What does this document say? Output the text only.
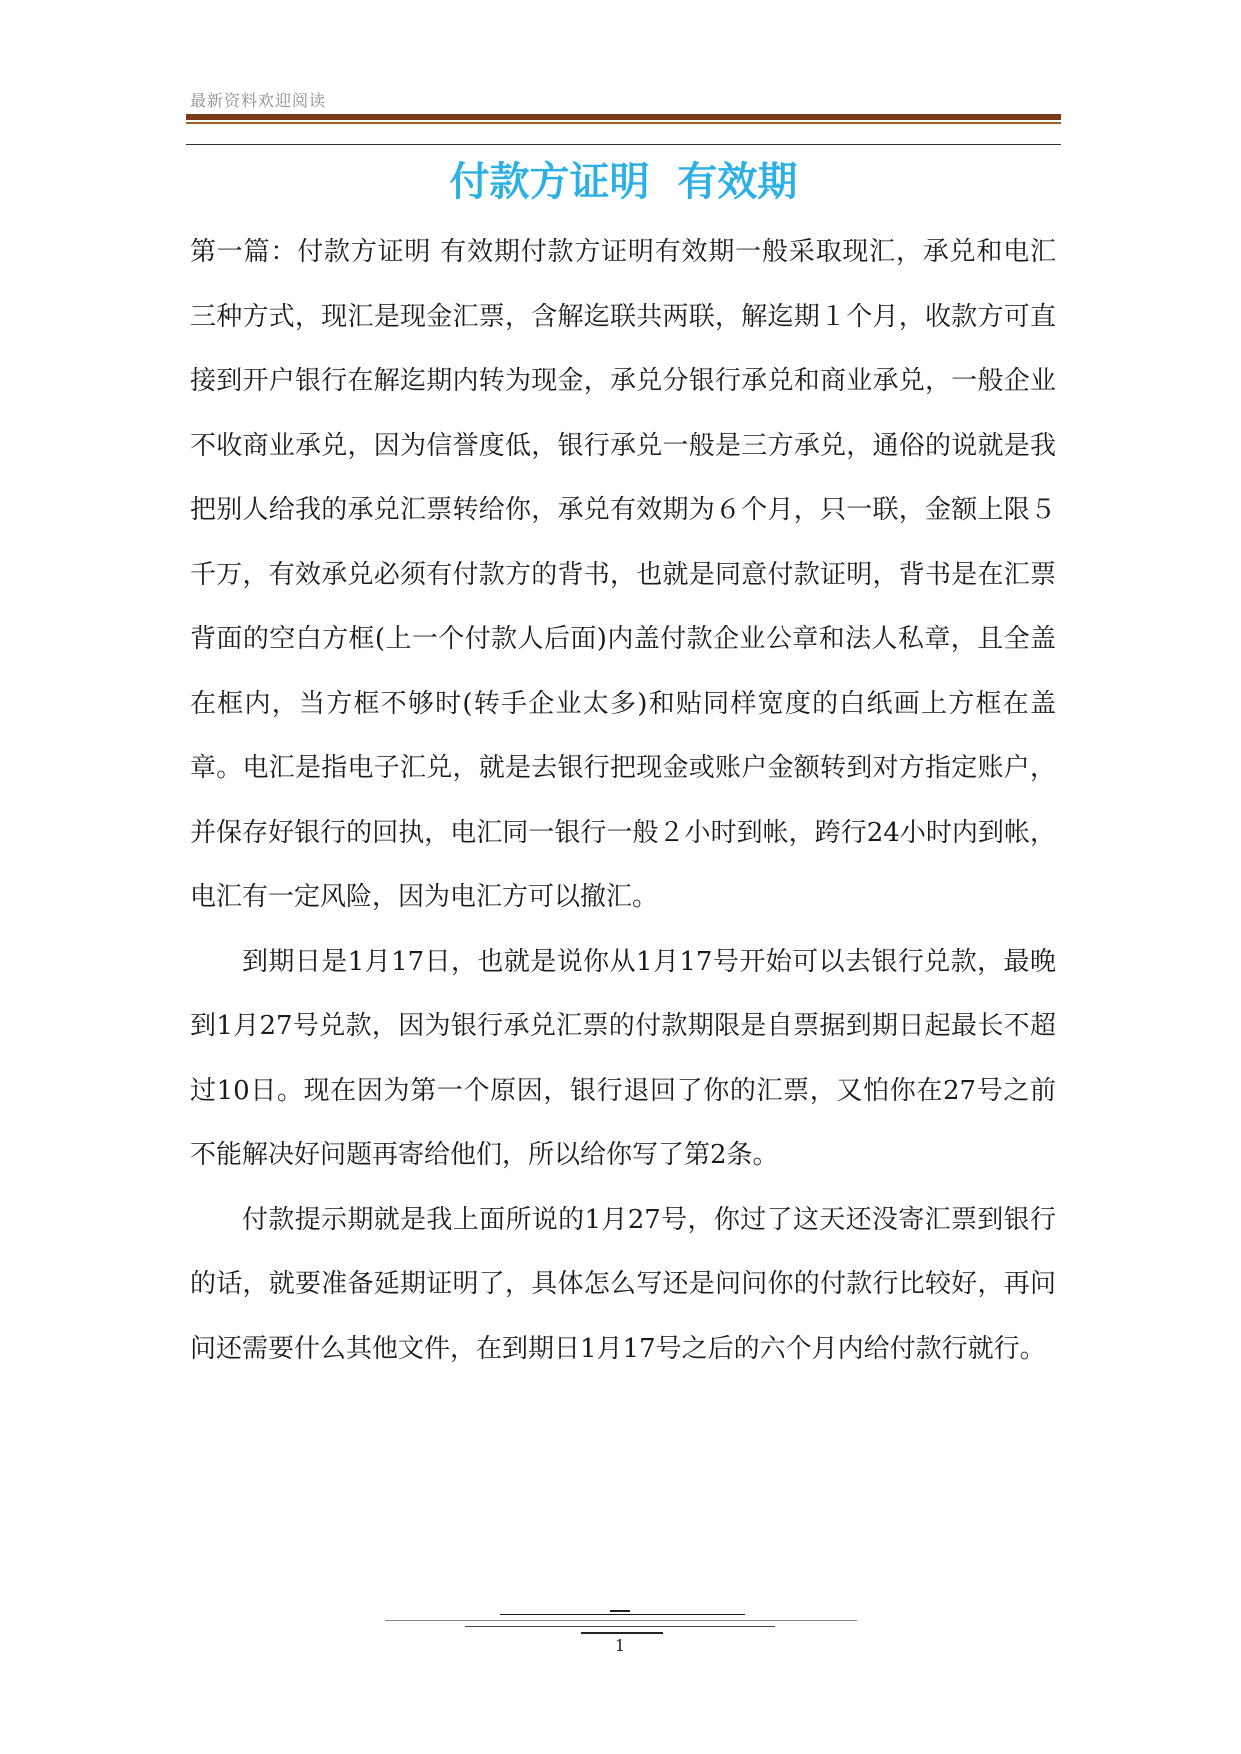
最新资料欢迎阅读
付款方证明  有效期

第一篇：付款方证明 有效期付款方证明有效期一般采取现汇，承兑和电汇三种方式，现汇是现金汇票，含解迄联共两联，解迄期１个月，收款方可直接到开户银行在解迄期内转为现金，承兑分银行承兑和商业承兑，一般企业不收商业承兑，因为信誉度低，银行承兑一般是三方承兑，通俗的说就是我把别人给我的承兑汇票转给你，承兑有效期为６个月，只一联，金额上限５千万，有效承兑必须有付款方的背书，也就是同意付款证明，背书是在汇票背面的空白方框(上一个付款人后面)内盖付款企业公章和法人私章，且全盖在框内，当方框不够时(转手企业太多)和贴同样宽度的白纸画上方框在盖章。电汇是指电子汇兑，就是去银行把现金或账户金额转到对方指定账户，并保存好银行的回执，电汇同一银行一般２小时到帐，跨行24小时内到帐，电汇有一定风险，因为电汇方可以撤汇。

到期日是1月17日，也就是说你从1月17号开始可以去银行兑款，最晚到1月27号兑款，因为银行承兑汇票的付款期限是自票据到期日起最长不超过10日。现在因为第一个原因，银行退回了你的汇票，又怕你在27号之前不能解决好问题再寄给他们，所以给你写了第2条。

付款提示期就是我上面所说的1月27号，你过了这天还没寄汇票到银行的话，就要准备延期证明了，具体怎么写还是问问你的付款行比较好，再问问还需要什么其他文件，在到期日1月17号之后的六个月内给付款行就行。

1
